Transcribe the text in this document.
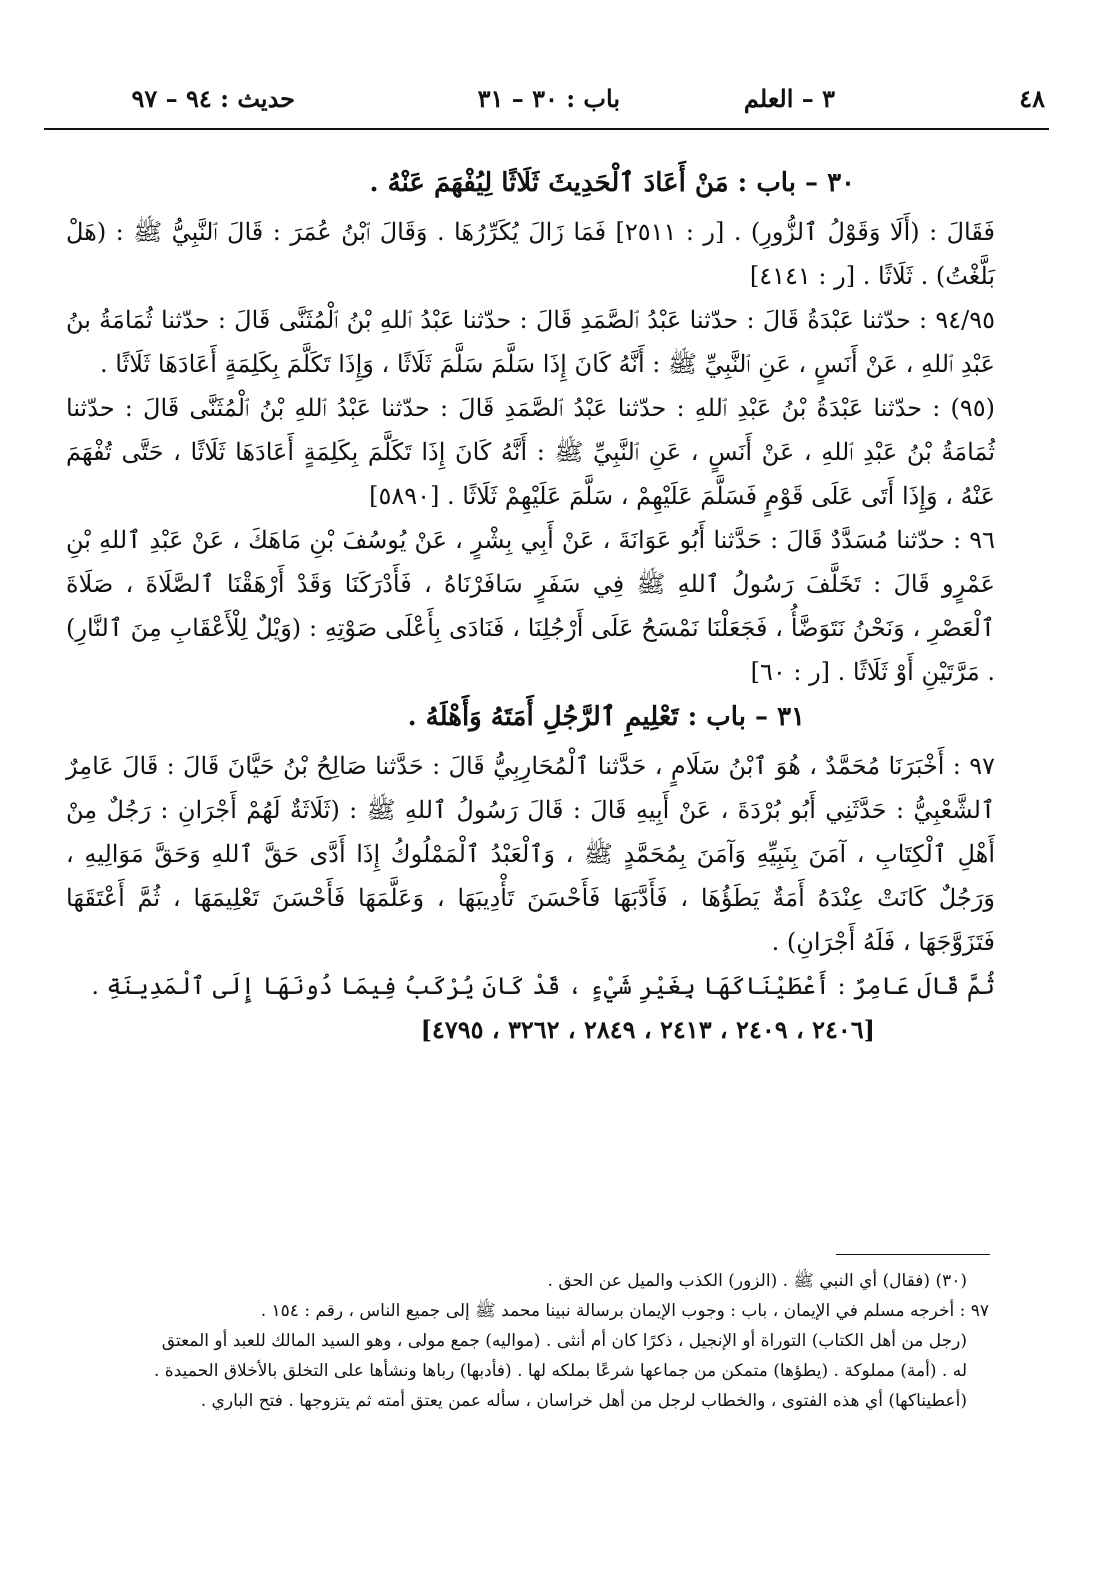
٤٨
٣ – العلم
باب : ٣٠ – ٣١
حديث : ٩٤ – ٩٧

٣٠ – باب : مَنْ أَعَادَ ٱلْحَدِيثَ ثَلَاثًا لِيُفْهَمَ عَنْهُ .

فَقَالَ : (أَلَا وَقَوْلُ ٱلزُّورِ) . [ر : ٢٥١١] فَمَا زَالَ يُكَرِّرُهَا . وَقَالَ ٱبْنُ عُمَرَ : قَالَ ٱلنَّبِيُّ ﷺ : (هَلْ بَلَّغْتُ) . ثَلَاثًا . [ر : ٤١٤١]

٩٤/٩٥ : حدّثنا عَبْدَةُ قَالَ : حدّثنا عَبْدُ ٱلصَّمَدِ قَالَ : حدّثنا عَبْدُ ٱللهِ بْنُ ٱلْمُثَنَّى قَالَ : حدّثنا ثُمَامَةُ بنُ عَبْدِ ٱللهِ ، عَنْ أَنَسٍ ، عَنِ ٱلنَّبِيِّ ﷺ : أَنَّهُ كَانَ إِذَا سَلَّمَ سَلَّمَ ثَلَاثًا ، وَإِذَا تَكَلَّمَ بِكَلِمَةٍ أَعَادَهَا ثَلَاثًا .

(٩٥) : حدّثنا عَبْدَةُ بْنُ عَبْدِ ٱللهِ : حدّثنا عَبْدُ ٱلصَّمَدِ قَالَ : حدّثنا عَبْدُ ٱللهِ بْنُ ٱلْمُثَنَّى قَالَ : حدّثنا ثُمَامَةُ بْنُ عَبْدِ ٱللهِ ، عَنْ أَنَسٍ ، عَنِ ٱلنَّبِيِّ ﷺ : أَنَّهُ كَانَ إِذَا تَكَلَّمَ بِكَلِمَةٍ أَعَادَهَا ثَلَاثًا ، حَتَّى تُفْهَمَ عَنْهُ ، وَإِذَا أَتَى عَلَى قَوْمٍ فَسَلَّمَ عَلَيْهِمْ ، سَلَّمَ عَلَيْهِمْ ثَلَاثًا . [٥٨٩٠]

٩٦ : حدّثنا مُسَدَّدٌ قَالَ : حَدَّثنا أَبُو عَوَانَةَ ، عَنْ أَبِي بِشْرٍ ، عَنْ يُوسُفَ بْنِ مَاهَكَ ، عَنْ عَبْدِ ٱللهِ بْنِ عَمْرٍو قَالَ : تَخَلَّفَ رَسُولُ ٱللهِ ﷺ فِي سَفَرٍ سَافَرْنَاهُ ، فَأَدْرَكَنَا وَقَدْ أَرْهَقْنَا ٱلصَّلَاةَ ، صَلَاةَ ٱلْعَصْرِ ، وَنَحْنُ نَتَوَضَّأُ ، فَجَعَلْنَا نَمْسَحُ عَلَى أَرْجُلِنَا ، فَنَادَى بِأَعْلَى صَوْتِهِ : (وَيْلٌ لِلْأَعْقَابِ مِنَ ٱلنَّارِ) . مَرَّتَيْنِ أَوْ ثَلَاثًا . [ر : ٦٠]

٣١ – باب : تَعْلِيمِ ٱلرَّجُلِ أَمَتَهُ وَأَهْلَهُ .

٩٧ : أَخْبَرَنَا مُحَمَّدٌ ، هُوَ ٱبْنُ سَلَامٍ ، حَدَّثنا ٱلْمُحَارِبِيُّ قَالَ : حَدَّثنا صَالِحُ بْنُ حَيَّانَ قَالَ : قَالَ عَامِرٌ ٱلشَّعْبِيُّ : حَدَّثَنِي أَبُو بُرْدَةَ ، عَنْ أَبِيهِ قَالَ : قَالَ رَسُولُ ٱللهِ ﷺ : (ثَلَاثَةٌ لَهُمْ أَجْرَانِ : رَجُلٌ مِنْ أَهْلِ ٱلْكِتَابِ ، آمَنَ بِنَبِيِّهِ وَآمَنَ بِمُحَمَّدٍ ﷺ ، وَٱلْعَبْدُ ٱلْمَمْلُوكُ إِذَا أَدَّى حَقَّ ٱللهِ وَحَقَّ مَوَالِيهِ ، وَرَجُلٌ كَانَتْ عِنْدَهُ أَمَةٌ يَطَؤُهَا ، فَأَدَّبَهَا فَأَحْسَنَ تَأْدِيبَهَا ، وَعَلَّمَهَا فَأَحْسَنَ تَعْلِيمَهَا ، ثُمَّ أَعْتَقَهَا فَتَزَوَّجَهَا ، فَلَهُ أَجْرَانِ) .

ثُمَّ قَالَ عَامِرٌ : أَعْطَيْنَاكَهَا بِغَيْرِ شَيْءٍ ، قَدْ كَانَ يُرْكَبُ فِيمَا دُونَهَا إِلَى ٱلْمَدِينَةِ .

[٢٤٠٦ ، ٢٤٠٩ ، ٢٤١٣ ، ٢٨٤٩ ، ٣٢٦٢ ، ٤٧٩٥]

(٣٠) (فقال) أي النبي ﷺ . (الزور) الكذب والميل عن الحق .

٩٧ : أخرجه مسلم في الإيمان ، باب : وجوب الإيمان برسالة نبينا محمد ﷺ إلى جميع الناس ، رقم : ١٥٤ .

(رجل من أهل الكتاب) التوراة أو الإنجيل ، ذكرًا كان أم أنثى . (مواليه) جمع مولى ، وهو السيد المالك للعبد أو المعتق له . (أمة) مملوكة . (يطؤها) متمكن من جماعها شرعًا بملكه لها . (فأدبها) رباها ونشأها على التخلق بالأخلاق الحميدة . (أعطيناكها) أي هذه الفتوى ، والخطاب لرجل من أهل خراسان ، سأله عمن يعتق أمته ثم يتزوجها . فتح الباري .
